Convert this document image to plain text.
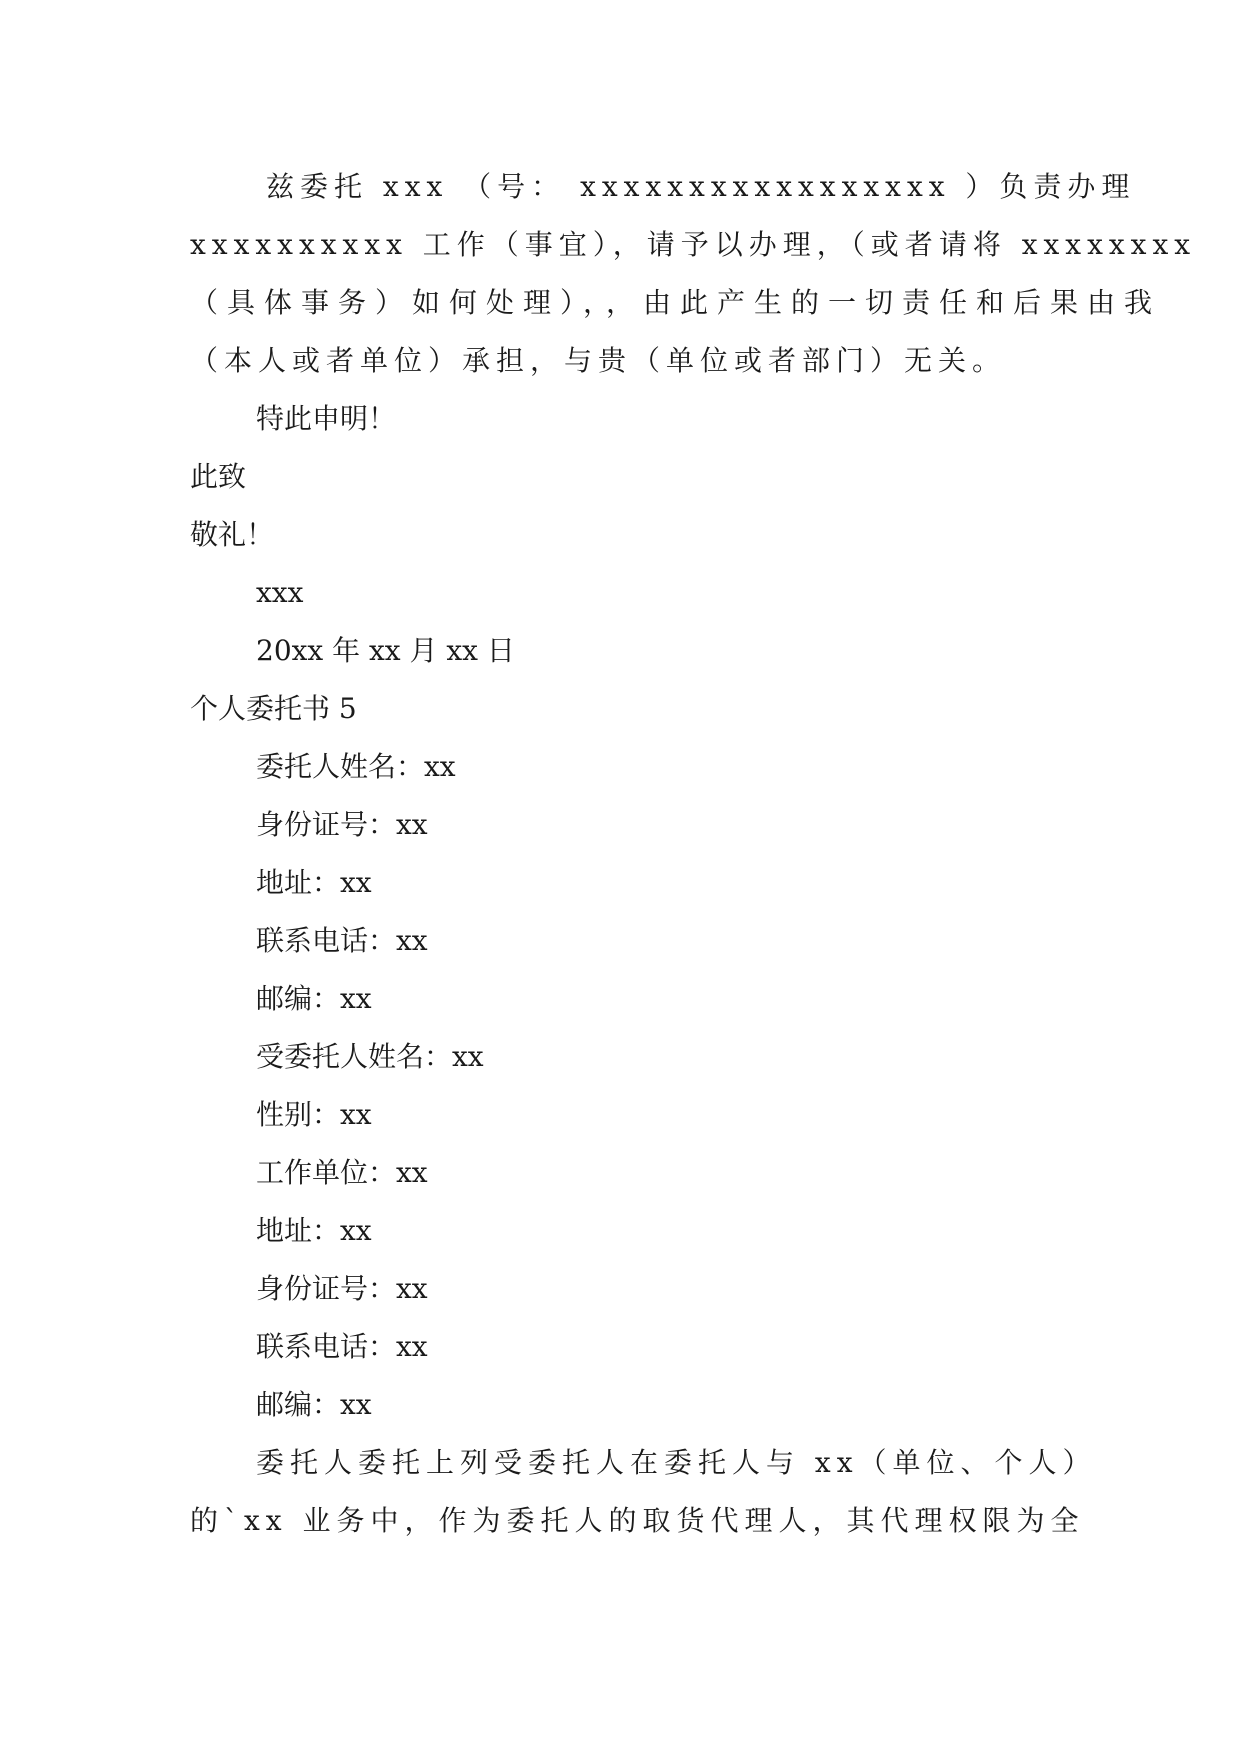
兹委托 xxx （号： xxxxxxxxxxxxxxxxx ）负责办理
xxxxxxxxxx 工作（事宜），请予以办理，（或者请将 xxxxxxxx
（具体事务）如何处理），，由此产生的一切责任和后果由我
（本人或者单位）承担，与贵（单位或者部门）无关。

特此申明！

此致

敬礼！

xxx

20xx 年 xx 月 xx 日

个人委托书 5

委托人姓名：xx

身份证号：xx

地址：xx

联系电话：xx

邮编：xx

受委托人姓名：xx

性别：xx

工作单位：xx

地址：xx

身份证号：xx

联系电话：xx

邮编：xx

委托人委托上列受委托人在委托人与 xx（单位、个人）
的`xx 业务中，作为委托人的取货代理人，其代理权限为全
